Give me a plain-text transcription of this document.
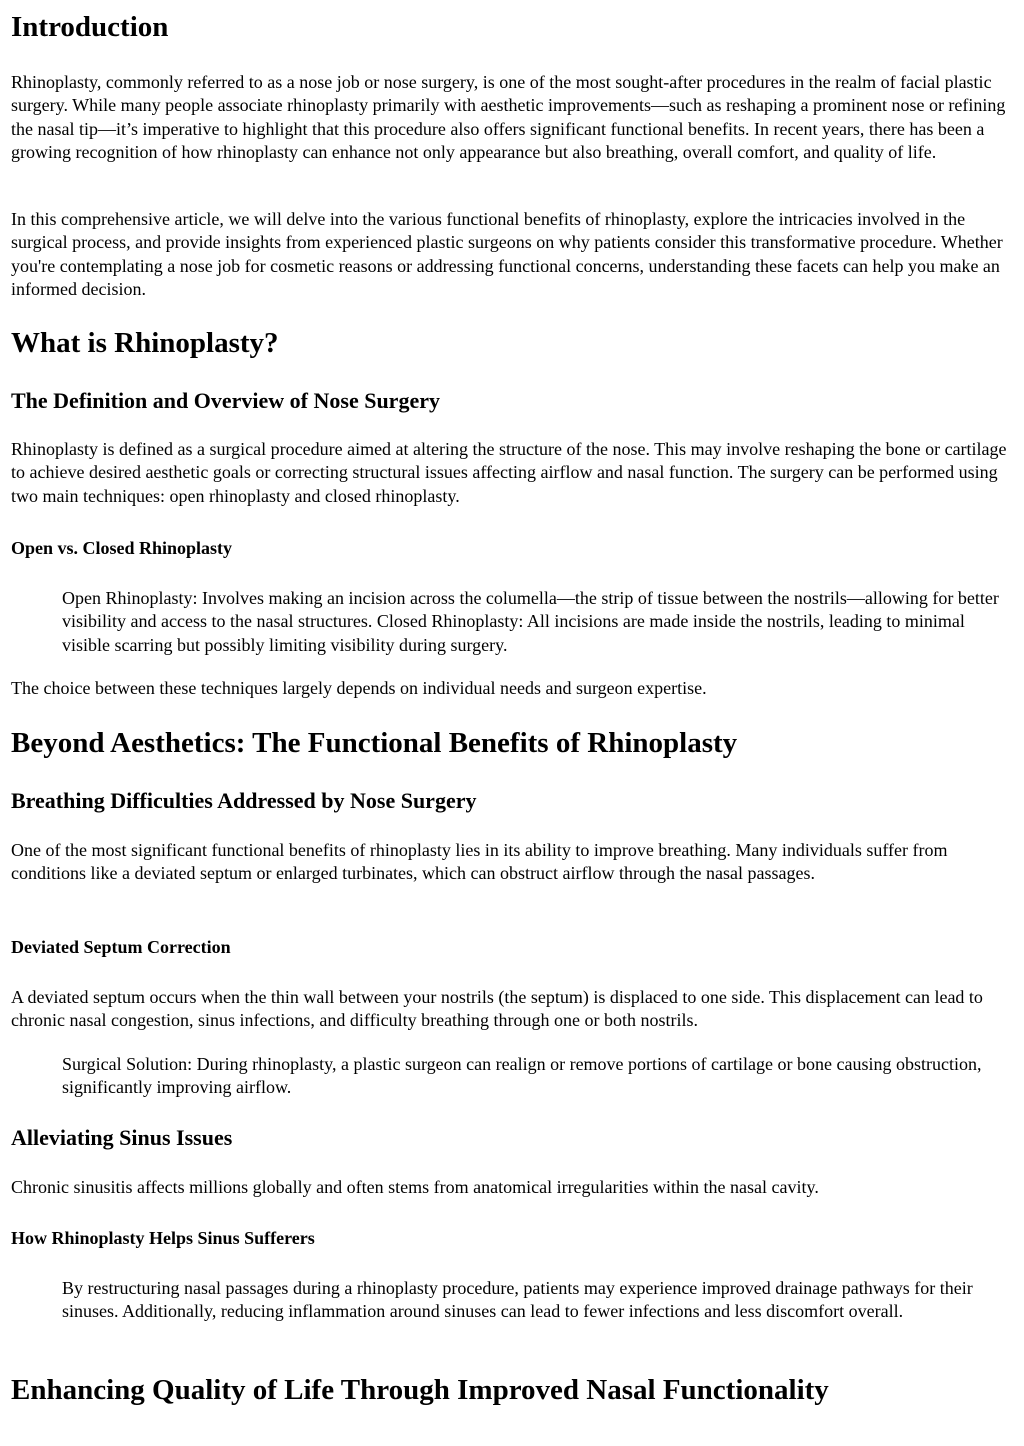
Introduction

Rhinoplasty, commonly referred to as a nose job or nose surgery, is one of the most sought-after procedures in the realm of facial plastic surgery. While many people associate rhinoplasty primarily with aesthetic improvements—such as reshaping a prominent nose or refining the nasal tip—it’s imperative to highlight that this procedure also offers significant functional benefits. In recent years, there has been a growing recognition of how rhinoplasty can enhance not only appearance but also breathing, overall comfort, and quality of life.

In this comprehensive article, we will delve into the various functional benefits of rhinoplasty, explore the intricacies involved in the surgical process, and provide insights from experienced plastic surgeons on why patients consider this transformative procedure. Whether you're contemplating a nose job for cosmetic reasons or addressing functional concerns, understanding these facets can help you make an informed decision.

What is Rhinoplasty?
The Definition and Overview of Nose Surgery

Rhinoplasty is defined as a surgical procedure aimed at altering the structure of the nose. This may involve reshaping the bone or cartilage to achieve desired aesthetic goals or correcting structural issues affecting airflow and nasal function. The surgery can be performed using two main techniques: open rhinoplasty and closed rhinoplasty.

Open vs. Closed Rhinoplasty
Open Rhinoplasty: Involves making an incision across the columella—the strip of tissue between the nostrils—allowing for better visibility and access to the nasal structures. Closed Rhinoplasty: All incisions are made inside the nostrils, leading to minimal visible scarring but possibly limiting visibility during surgery.

The choice between these techniques largely depends on individual needs and surgeon expertise.

Beyond Aesthetics: The Functional Benefits of Rhinoplasty
Breathing Difficulties Addressed by Nose Surgery

One of the most significant functional benefits of rhinoplasty lies in its ability to improve breathing. Many individuals suffer from conditions like a deviated septum or enlarged turbinates, which can obstruct airflow through the nasal passages.

Deviated Septum Correction

A deviated septum occurs when the thin wall between your nostrils (the septum) is displaced to one side. This displacement can lead to chronic nasal congestion, sinus infections, and difficulty breathing through one or both nostrils.

Surgical Solution: During rhinoplasty, a plastic surgeon can realign or remove portions of cartilage or bone causing obstruction, significantly improving airflow.
Alleviating Sinus Issues

Chronic sinusitis affects millions globally and often stems from anatomical irregularities within the nasal cavity.

How Rhinoplasty Helps Sinus Sufferers
By restructuring nasal passages during a rhinoplasty procedure, patients may experience improved drainage pathways for their sinuses. Additionally, reducing inflammation around sinuses can lead to fewer infections and less discomfort overall.
Enhancing Quality of Life Through Improved Nasal Functionality
